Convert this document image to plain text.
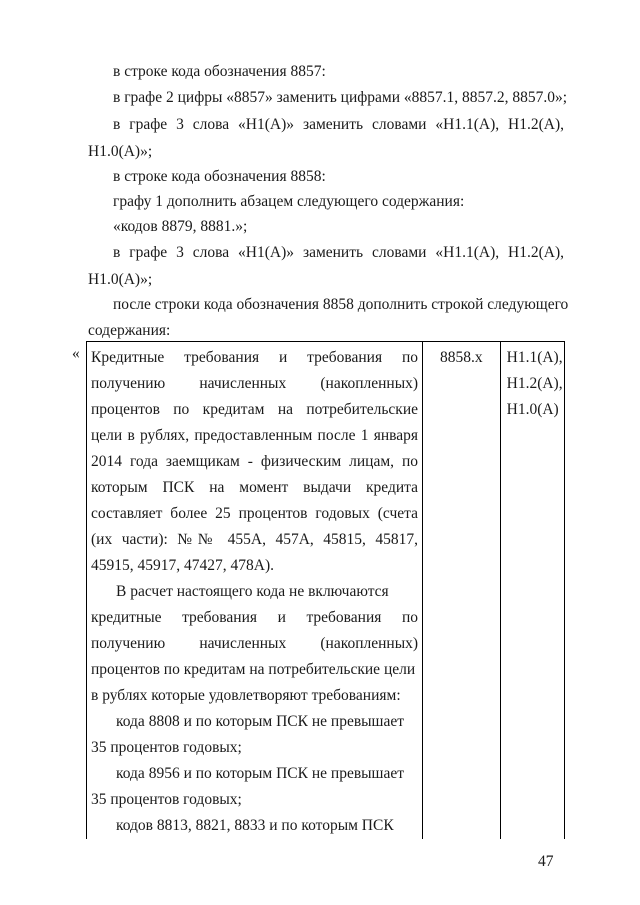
в строке кода обозначения 8857:
в графе 2 цифры «8857» заменить цифрами «8857.1, 8857.2, 8857.0»;
в графе 3 слова «Н1(А)» заменить словами «Н1.1(А), Н1.2(А),
Н1.0(А)»;
в строке кода обозначения 8858:
графу 1 дополнить абзацем следующего содержания:
«кодов 8879, 8881.»;
в графе 3 слова «Н1(А)» заменить словами «Н1.1(А), Н1.2(А),
Н1.0(А)»;
после строки кода обозначения 8858 дополнить строкой следующего
содержания:
« Кредитные требования и требования по
получению начисленных (накопленных)
процентов по кредитам на потребительские
цели в рублях, предоставленным после 1 января
2014 года заемщикам - физическим лицам, по
которым ПСК на момент выдачи кредита
составляет более 25 процентов годовых (счета
(их части): №№ 455А, 457А, 45815, 45817,
45915, 45917, 47427, 478А).
В расчет настоящего кода не включаются
кредитные требования и требования по
получению начисленных (накопленных)
процентов по кредитам на потребительские цели
в рублях которые удовлетворяют требованиям:
кода 8808 и по которым ПСК не превышает
35 процентов годовых;
кода 8956 и по которым ПСК не превышает
35 процентов годовых;
кодов 8813, 8821, 8833 и по которым ПСК

8858.х	Н1.1(А),
Н1.2(А),
Н1.0(А)
47
